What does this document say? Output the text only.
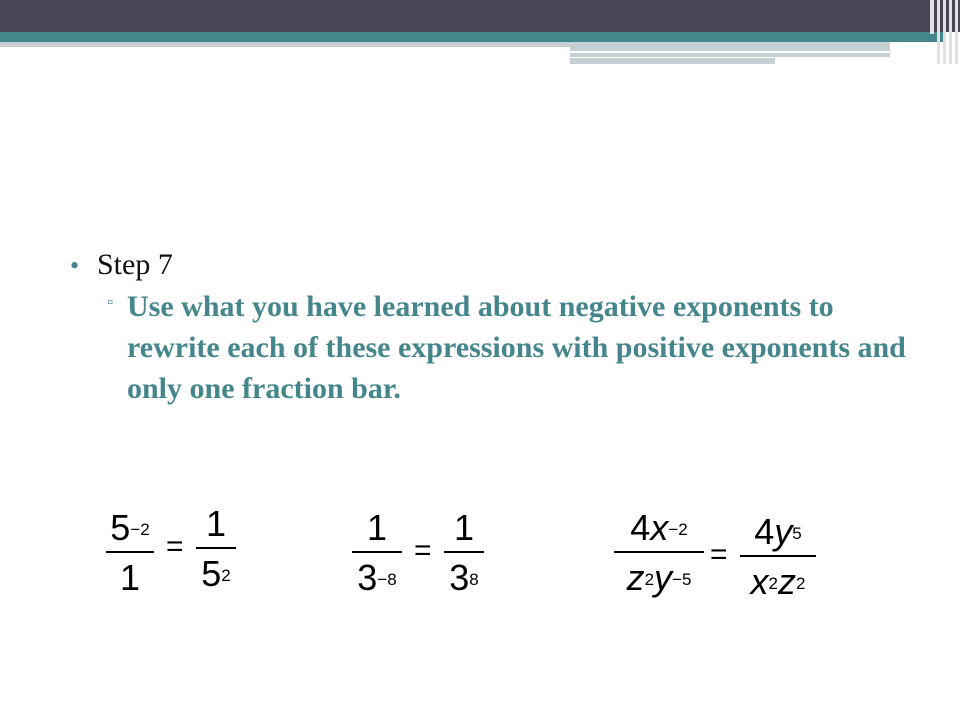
• Step 7
▫ Use what you have learned about negative exponents to rewrite each of these expressions with positive exponents and only one fraction bar.
$5^{-2}$
1
=
1
$5^2$
1
$3^{-8}$
=
1
$3^8$
$4x^{-2}$
$z^2y^{-5}$
=
$4y^5$
$x^2z^2$
